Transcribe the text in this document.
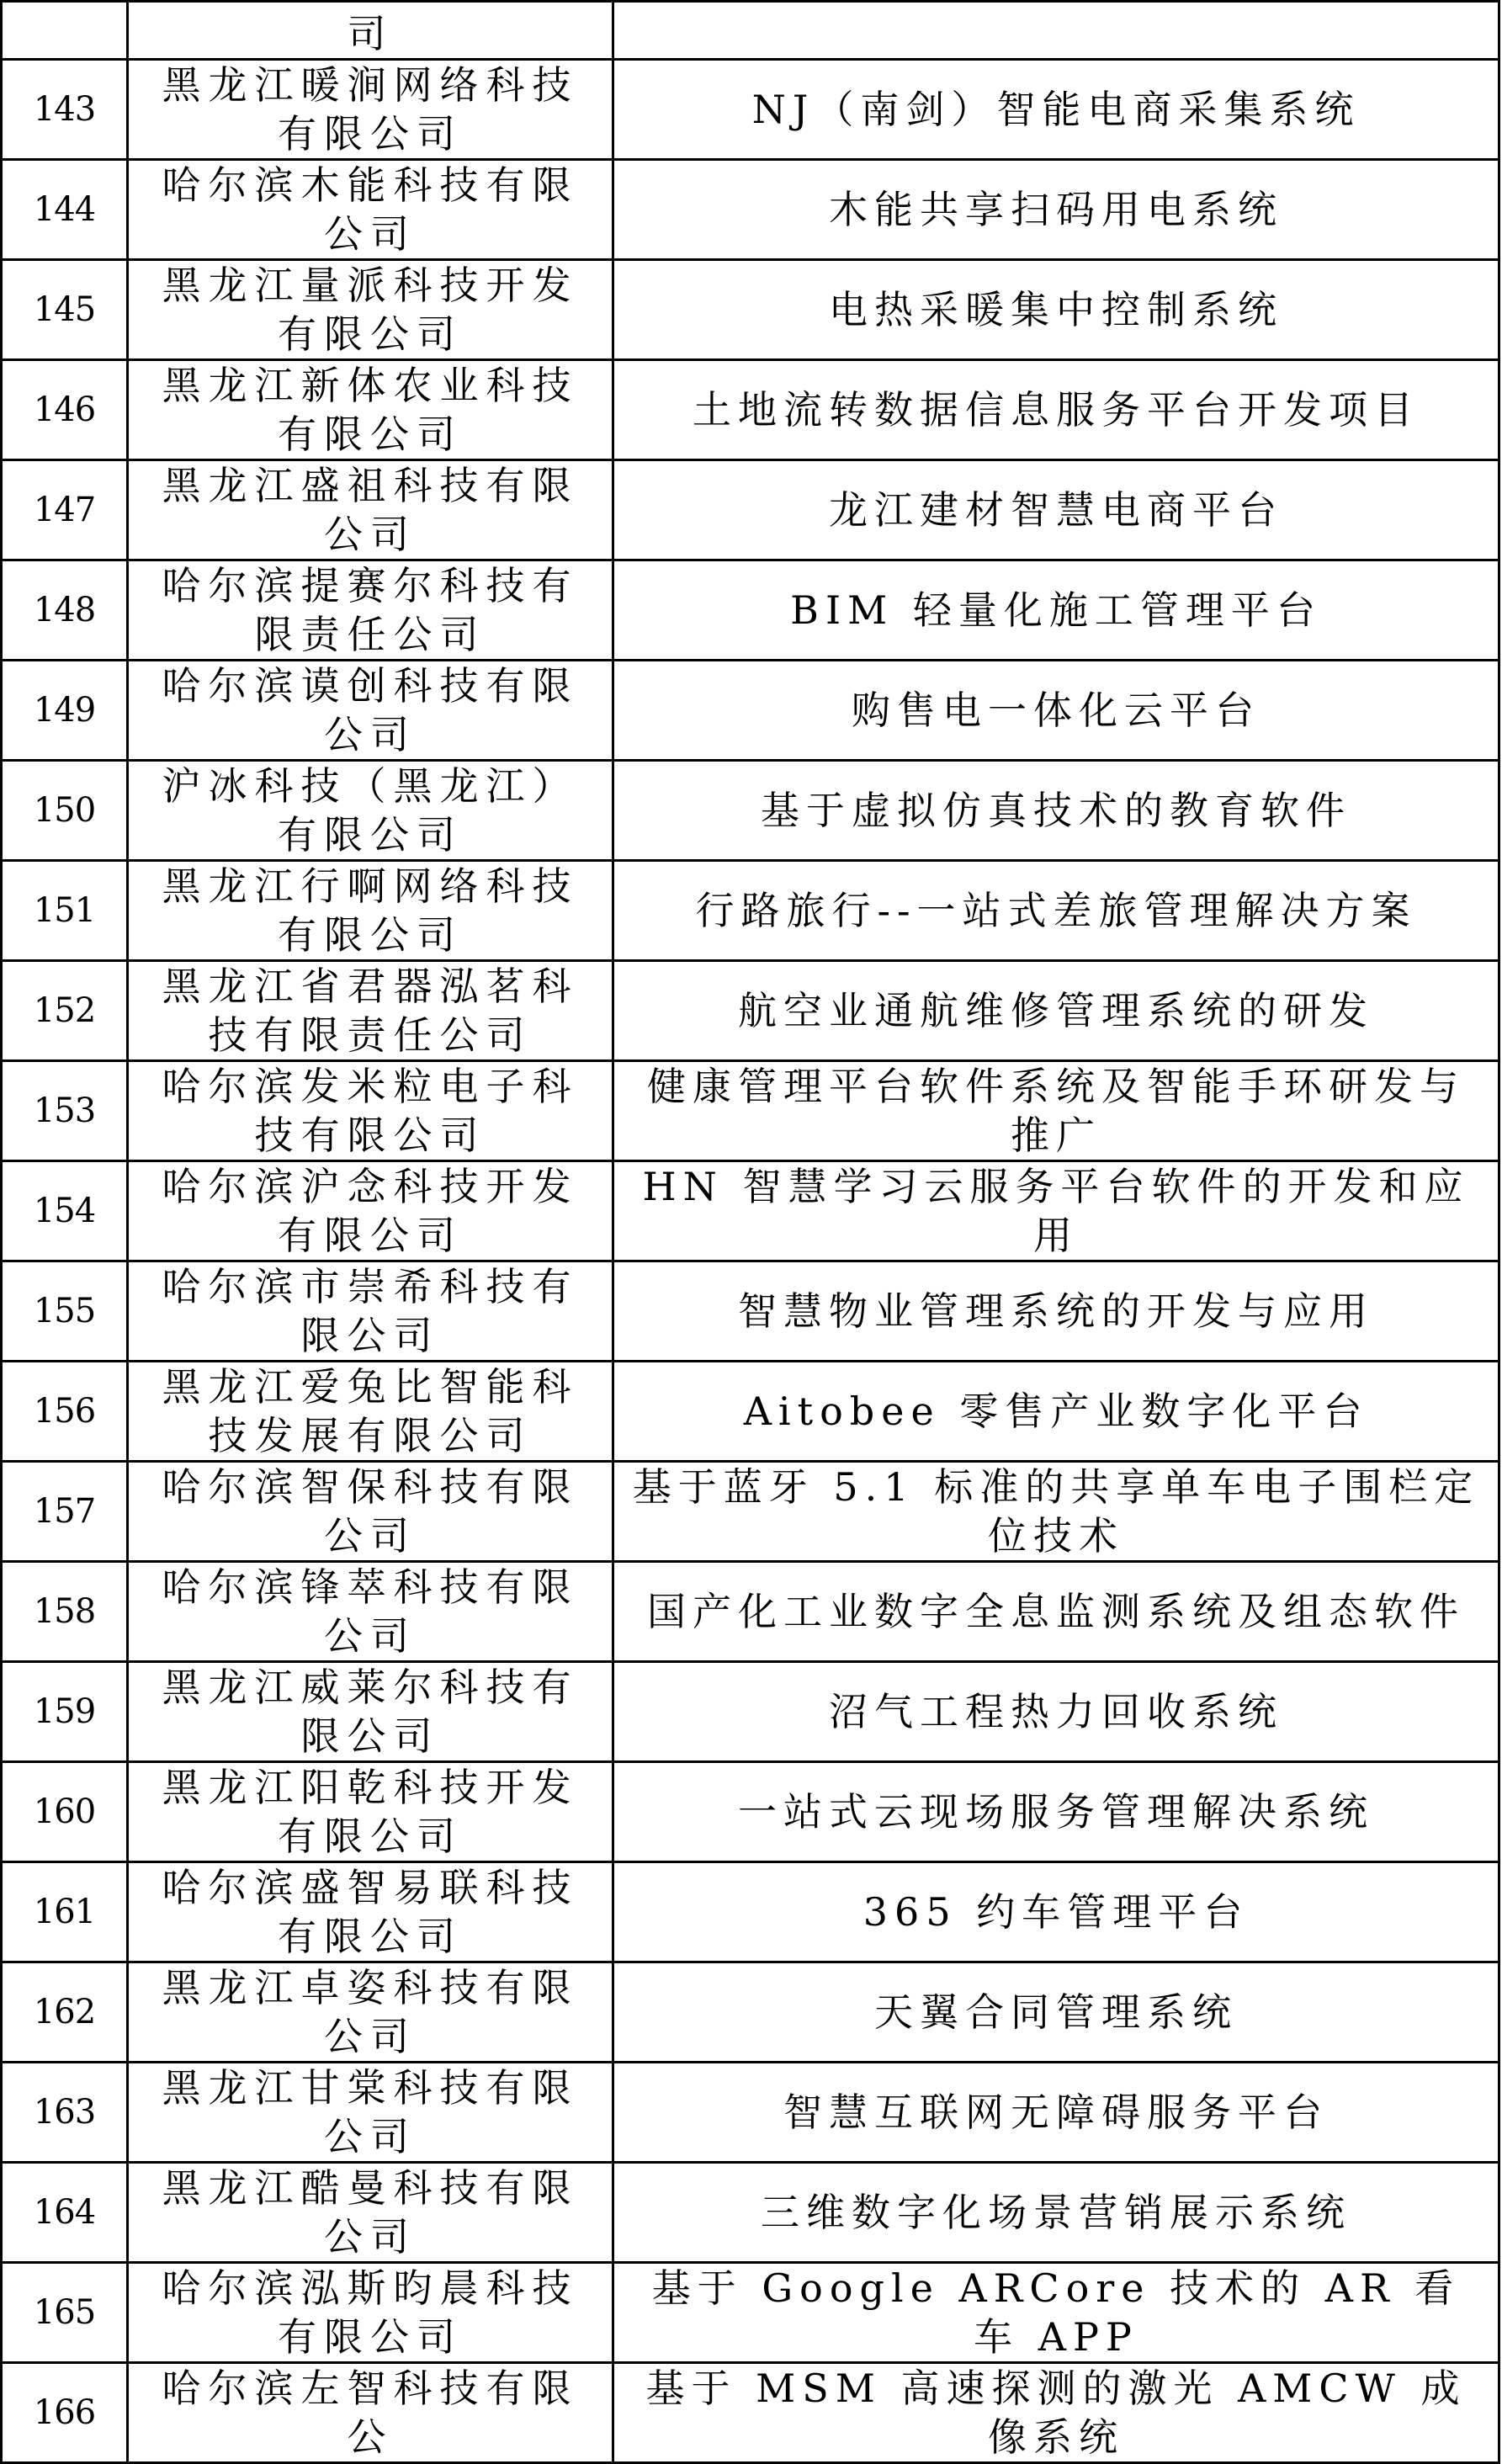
	司	
143	黑龙江暖涧网络科技有限公司	NJ（南剑）智能电商采集系统
144	哈尔滨木能科技有限公司	木能共享扫码用电系统
145	黑龙江量派科技开发有限公司	电热采暖集中控制系统
146	黑龙江新体农业科技有限公司	土地流转数据信息服务平台开发项目
147	黑龙江盛祖科技有限公司	龙江建材智慧电商平台
148	哈尔滨提赛尔科技有限责任公司	BIM 轻量化施工管理平台
149	哈尔滨谟创科技有限公司	购售电一体化云平台
150	沪冰科技（黑龙江）有限公司	基于虚拟仿真技术的教育软件
151	黑龙江行啊网络科技有限公司	行路旅行--一站式差旅管理解决方案
152	黑龙江省君器泓茗科技有限责任公司	航空业通航维修管理系统的研发
153	哈尔滨发米粒电子科技有限公司	健康管理平台软件系统及智能手环研发与推广
154	哈尔滨沪念科技开发有限公司	HN 智慧学习云服务平台软件的开发和应用
155	哈尔滨市崇希科技有限公司	智慧物业管理系统的开发与应用
156	黑龙江爱兔比智能科技发展有限公司	Aitobee 零售产业数字化平台
157	哈尔滨智保科技有限公司	基于蓝牙 5.1 标准的共享单车电子围栏定位技术
158	哈尔滨锋萃科技有限公司	国产化工业数字全息监测系统及组态软件
159	黑龙江威莱尔科技有限公司	沼气工程热力回收系统
160	黑龙江阳乾科技开发有限公司	一站式云现场服务管理解决系统
161	哈尔滨盛智易联科技有限公司	365 约车管理平台
162	黑龙江卓姿科技有限公司	天翼合同管理系统
163	黑龙江甘棠科技有限公司	智慧互联网无障碍服务平台
164	黑龙江酷曼科技有限公司	三维数字化场景营销展示系统
165	哈尔滨泓斯昀晨科技有限公司	基于 Google ARCore 技术的 AR 看车 APP
166	哈尔滨左智科技有限公	基于 MSM 高速探测的激光 AMCW 成像系统
